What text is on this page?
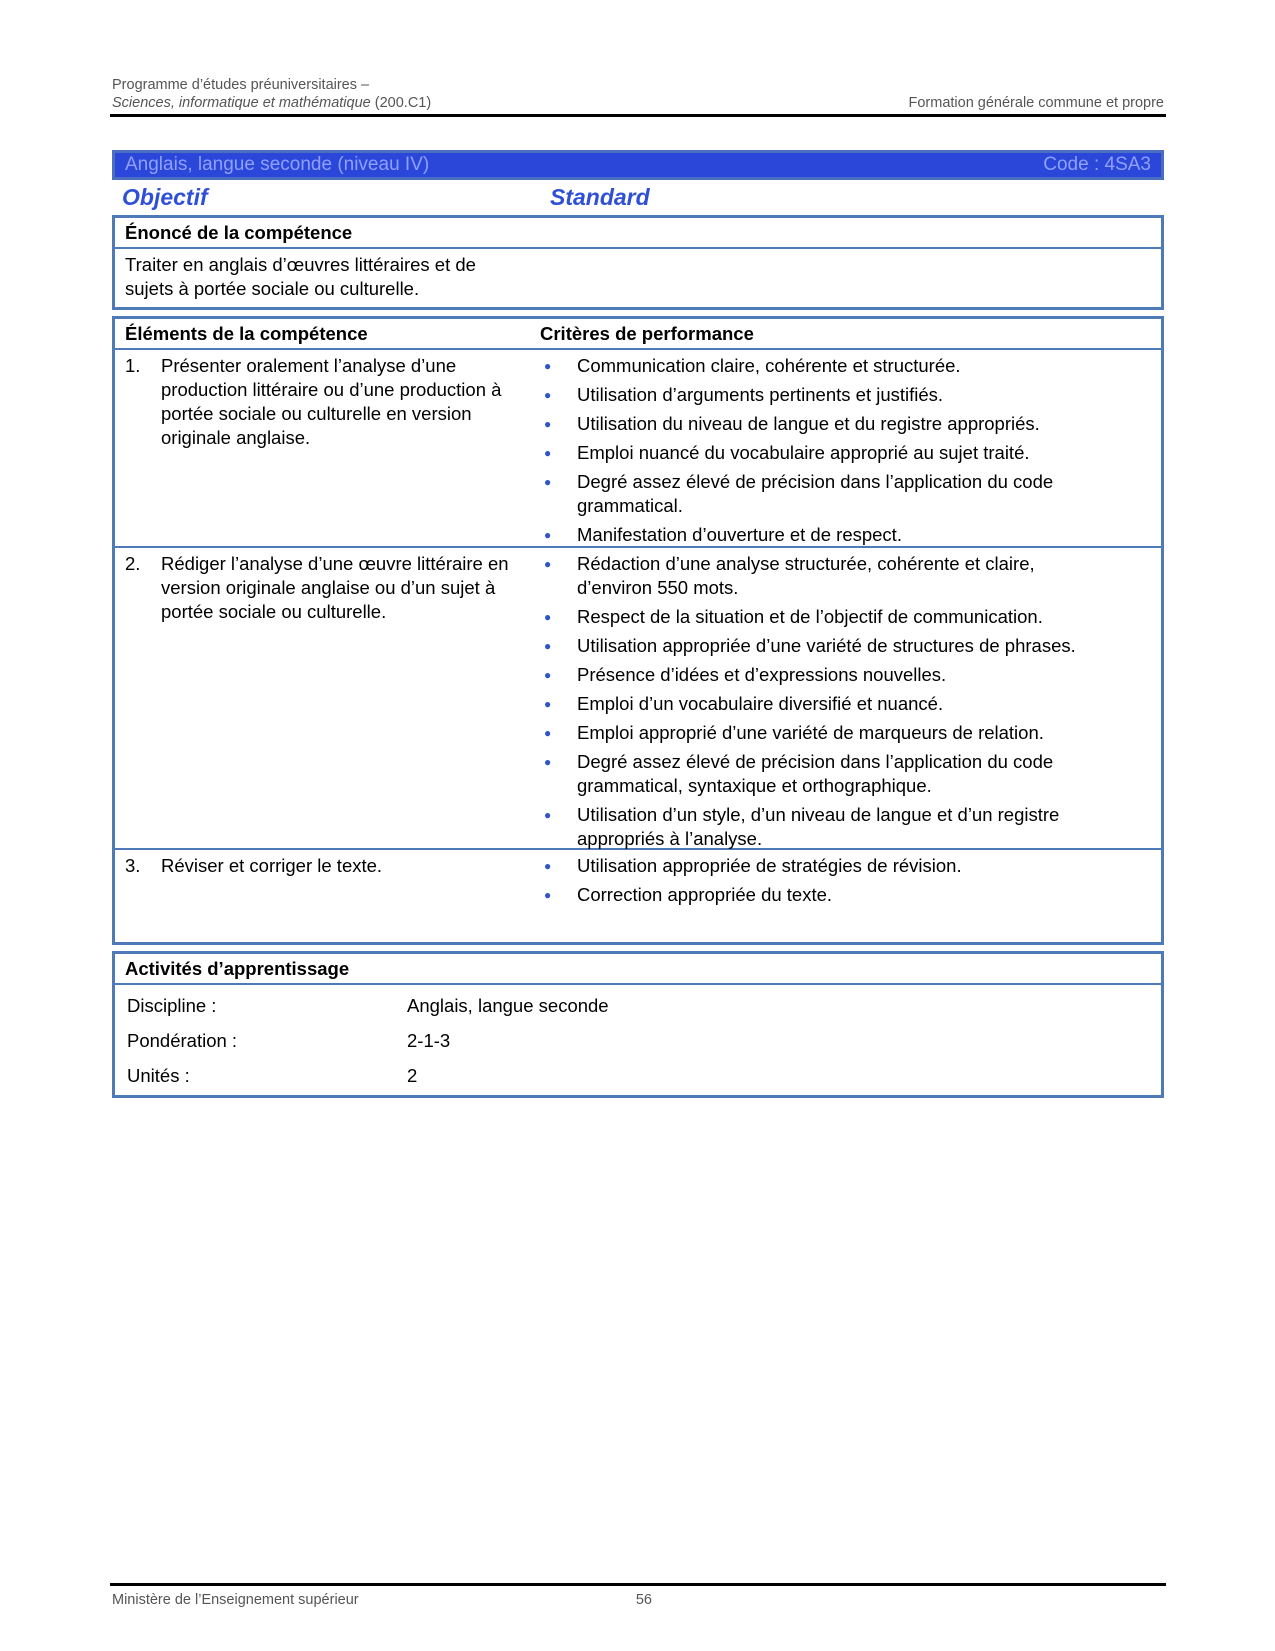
Programme d’études préuniversitaires –
Sciences, informatique et mathématique (200.C1)	Formation générale commune et propre
Anglais, langue seconde (niveau IV)	Code : 4SA3
Objectif	Standard
Énoncé de la compétence
Traiter en anglais d’œuvres littéraires et de
sujets à portée sociale ou culturelle.
Éléments de la compétence	Critères de performance
1.	Présenter oralement l’analyse d’une production littéraire ou d’une production à portée sociale ou culturelle en version originale anglaise.
●	Communication claire, cohérente et structurée.
●	Utilisation d’arguments pertinents et justifiés.
●	Utilisation du niveau de langue et du registre appropriés.
●	Emploi nuancé du vocabulaire approprié au sujet traité.
●	Degré assez élevé de précision dans l’application du code grammatical.
●	Manifestation d’ouverture et de respect.
2.	Rédiger l’analyse d’une œuvre littéraire en version originale anglaise ou d’un sujet à portée sociale ou culturelle.
●	Rédaction d’une analyse structurée, cohérente et claire, d’environ 550 mots.
●	Respect de la situation et de l’objectif de communication.
●	Utilisation appropriée d’une variété de structures de phrases.
●	Présence d’idées et d’expressions nouvelles.
●	Emploi d’un vocabulaire diversifié et nuancé.
●	Emploi approprié d’une variété de marqueurs de relation.
●	Degré assez élevé de précision dans l’application du code grammatical, syntaxique et orthographique.
●	Utilisation d’un style, d’un niveau de langue et d’un registre appropriés à l’analyse.
3.	Réviser et corriger le texte.	●	Utilisation appropriée de stratégies de révision.
●	Correction appropriée du texte.
Activités d’apprentissage
Discipline :	Anglais, langue seconde
Pondération :	2-1-3
Unités :	2
Ministère de l’Enseignement supérieur	56
